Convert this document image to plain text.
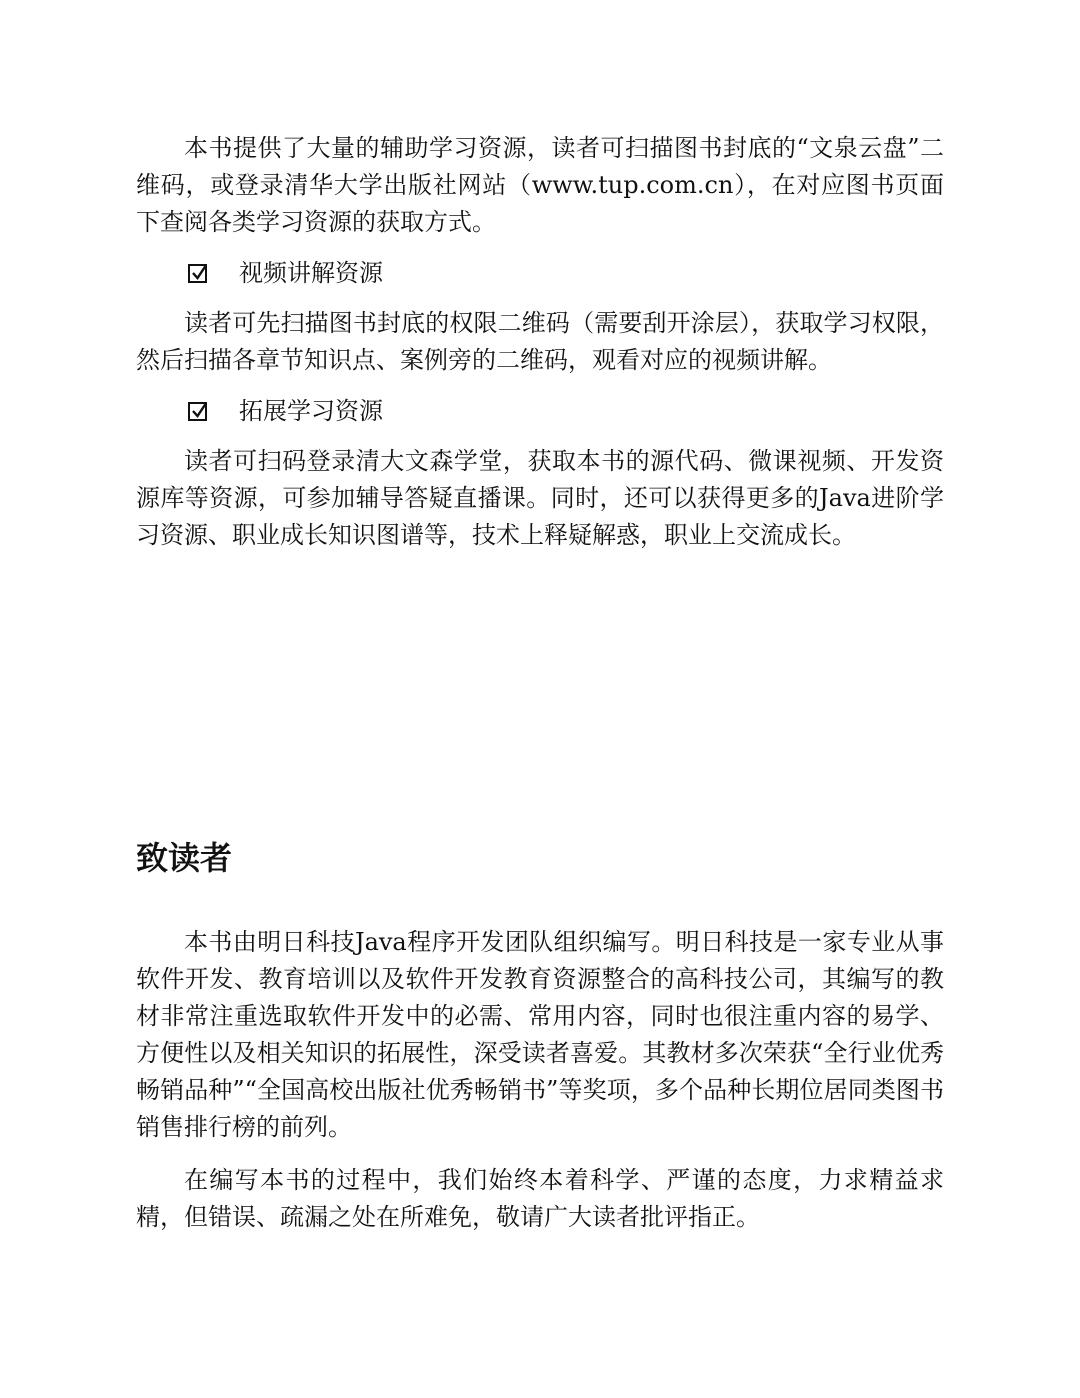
本书提供了大量的辅助学习资源，读者可扫描图书封底的“文泉云盘”二维码，或登录清华大学出版社网站（www.tup.com.cn），在对应图书页面下查阅各类学习资源的获取方式。

视频讲解资源

读者可先扫描图书封底的权限二维码（需要刮开涂层），获取学习权限，然后扫描各章节知识点、案例旁的二维码，观看对应的视频讲解。

拓展学习资源

读者可扫码登录清大文森学堂，获取本书的源代码、微课视频、开发资源库等资源，可参加辅导答疑直播课。同时，还可以获得更多的Java进阶学习资源、职业成长知识图谱等，技术上释疑解惑，职业上交流成长。

致读者

本书由明日科技Java程序开发团队组织编写。明日科技是一家专业从事软件开发、教育培训以及软件开发教育资源整合的高科技公司，其编写的教材非常注重选取软件开发中的必需、常用内容，同时也很注重内容的易学、方便性以及相关知识的拓展性，深受读者喜爱。其教材多次荣获“全行业优秀畅销品种”“全国高校出版社优秀畅销书”等奖项，多个品种长期位居同类图书销售排行榜的前列。

在编写本书的过程中，我们始终本着科学、严谨的态度，力求精益求精，但错误、疏漏之处在所难免，敬请广大读者批评指正。
